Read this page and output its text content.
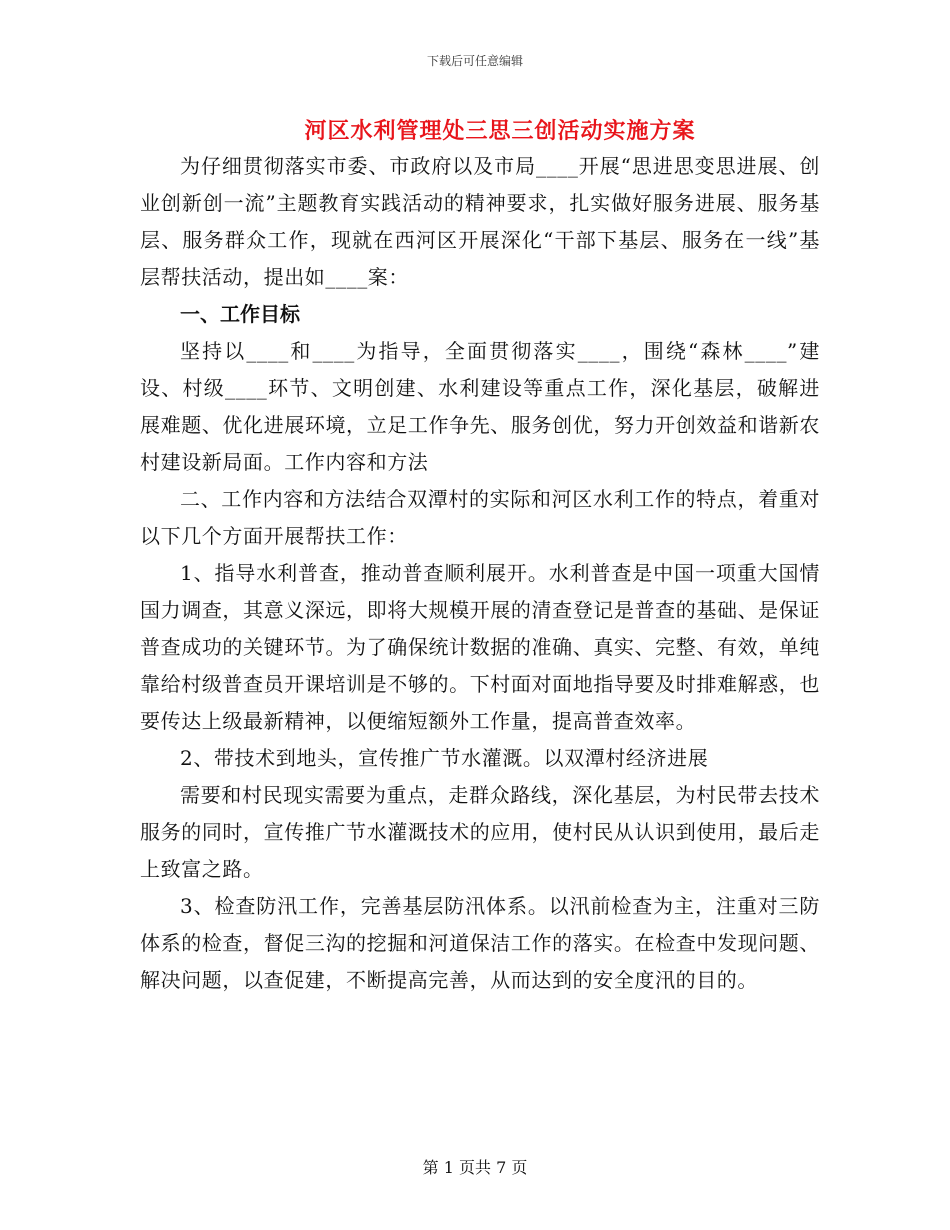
下载后可任意编辑
河区水利管理处三思三创活动实施方案

为仔细贯彻落实市委、市政府以及市局____开展“思进思变思进展、创业创新创一流”主题教育实践活动的精神要求，扎实做好服务进展、服务基层、服务群众工作，现就在西河区开展深化“干部下基层、服务在一线”基层帮扶活动，提出如____案：

一、工作目标

坚持以____和____为指导，全面贯彻落实____，围绕“森林____”建设、村级____环节、文明创建、水利建设等重点工作，深化基层，破解进展难题、优化进展环境，立足工作争先、服务创优，努力开创效益和谐新农村建设新局面。工作内容和方法

二、工作内容和方法结合双潭村的实际和河区水利工作的特点，着重对以下几个方面开展帮扶工作：

1、指导水利普查，推动普查顺利展开。水利普查是中国一项重大国情国力调查，其意义深远，即将大规模开展的清查登记是普查的基础、是保证普查成功的关键环节。为了确保统计数据的准确、真实、完整、有效，单纯靠给村级普查员开课培训是不够的。下村面对面地指导要及时排难解惑，也要传达上级最新精神，以便缩短额外工作量，提高普查效率。

2、带技术到地头，宣传推广节水灌溉。以双潭村经济进展

需要和村民现实需要为重点，走群众路线，深化基层，为村民带去技术服务的同时，宣传推广节水灌溉技术的应用，使村民从认识到使用，最后走上致富之路。

3、检查防汛工作，完善基层防汛体系。以汛前检查为主，注重对三防体系的检查，督促三沟的挖掘和河道保洁工作的落实。在检查中发现问题、解决问题，以查促建，不断提高完善，从而达到的安全度汛的目的。

第 1 页共 7 页
